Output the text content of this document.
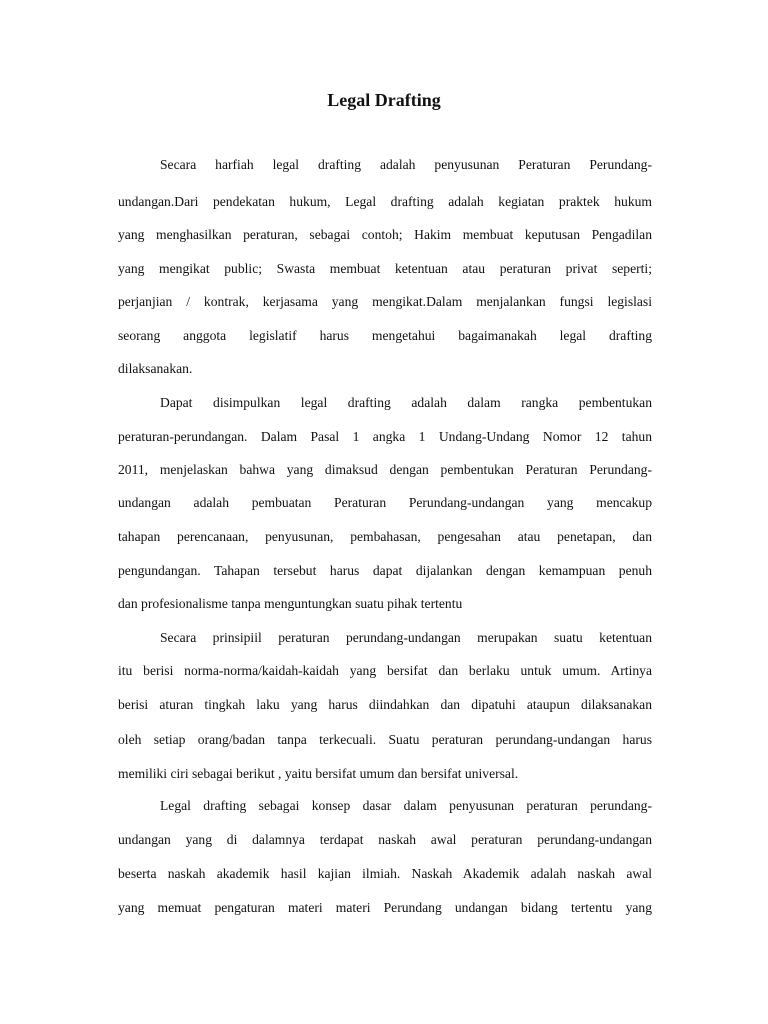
Legal Drafting
Secara harfiah legal drafting adalah penyusunan Peraturan Perundang-
undangan.Dari pendekatan hukum, Legal drafting adalah kegiatan praktek hukum
yang menghasilkan peraturan, sebagai contoh; Hakim membuat keputusan Pengadilan
yang mengikat public; Swasta membuat ketentuan atau peraturan privat seperti;
perjanjian / kontrak, kerjasama yang mengikat.Dalam menjalankan fungsi legislasi
seorang anggota legislatif harus mengetahui bagaimanakah legal drafting
dilaksanakan.
Dapat disimpulkan legal drafting adalah dalam rangka pembentukan
peraturan-perundangan. Dalam Pasal 1 angka 1 Undang-Undang Nomor 12 tahun
2011, menjelaskan bahwa yang dimaksud dengan pembentukan Peraturan Perundang-
undangan adalah pembuatan Peraturan Perundang-undangan yang mencakup
tahapan perencanaan, penyusunan, pembahasan, pengesahan atau penetapan, dan
pengundangan. Tahapan tersebut harus dapat dijalankan dengan kemampuan penuh
dan profesionalisme tanpa menguntungkan suatu pihak tertentu
Secara prinsipiil peraturan perundang-undangan merupakan suatu ketentuan
itu berisi norma-norma/kaidah-kaidah yang bersifat dan berlaku untuk umum. Artinya
berisi aturan tingkah laku yang harus diindahkan dan dipatuhi ataupun dilaksanakan
oleh setiap orang/badan tanpa terkecuali. Suatu peraturan perundang-undangan harus
memiliki ciri sebagai berikut , yaitu bersifat umum dan bersifat universal.
Legal drafting sebagai konsep dasar dalam penyusunan peraturan perundang-
undangan yang di dalamnya terdapat naskah awal peraturan perundang-undangan
beserta naskah akademik hasil kajian ilmiah. Naskah Akademik adalah naskah awal
yang memuat pengaturan materi materi Perundang undangan bidang tertentu yang
